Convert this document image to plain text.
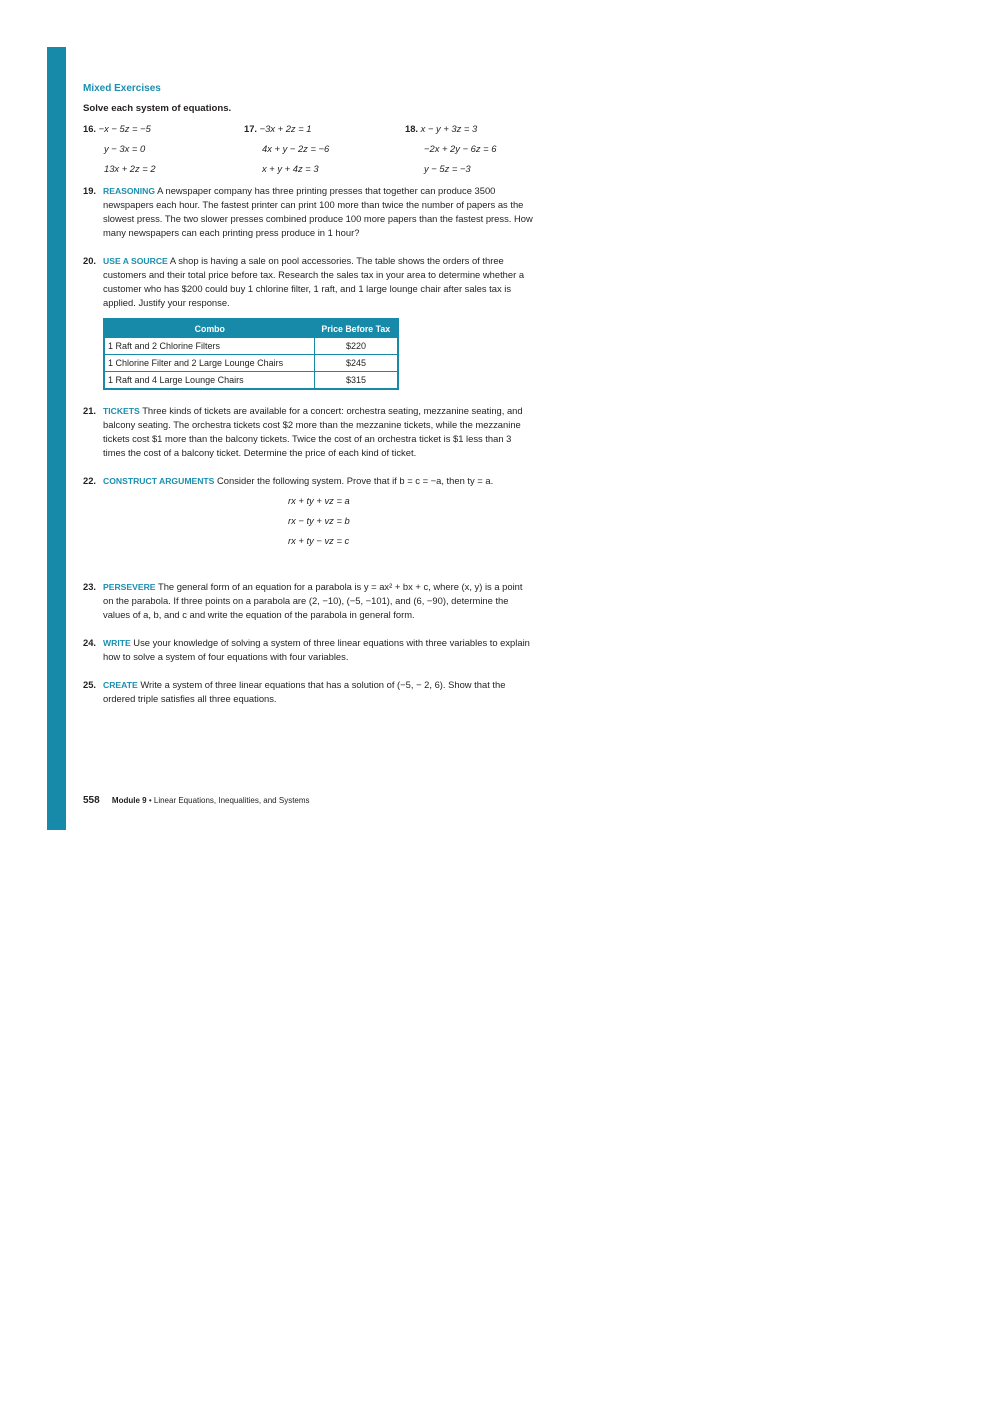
Mixed Exercises
Solve each system of equations.
16. −x − 5z = −5	17. −3x + 2z = 1	18. x − y + 3z = 3
y − 3x = 0	4x + y − 2z = −6	−2x + 2y − 6z = 6
13x + 2z = 2	x + y + 4z = 3	y − 5z = −3
19. REASONING A newspaper company has three printing presses that together can produce 3500 newspapers each hour. The fastest printer can print 100 more than twice the number of papers as the slowest press. The two slower presses combined produce 100 more papers than the fastest press. How many newspapers can each printing press produce in 1 hour?
20. USE A SOURCE A shop is having a sale on pool accessories. The table shows the orders of three customers and their total price before tax. Research the sales tax in your area to determine whether a customer who has $200 could buy 1 chlorine filter, 1 raft, and 1 large lounge chair after sales tax is applied. Justify your response.
Combo	Price Before Tax
1 Raft and 2 Chlorine Filters	$220
1 Chlorine Filter and 2 Large Lounge Chairs	$245
1 Raft and 4 Large Lounge Chairs	$315
21. TICKETS Three kinds of tickets are available for a concert: orchestra seating, mezzanine seating, and balcony seating. The orchestra tickets cost $2 more than the mezzanine tickets, while the mezzanine tickets cost $1 more than the balcony tickets. Twice the cost of an orchestra ticket is $1 less than 3 times the cost of a balcony ticket. Determine the price of each kind of ticket.
22. CONSTRUCT ARGUMENTS Consider the following system. Prove that if b = c = −a, then ty = a.
rx + ty + vz = a
rx − ty + vz = b
rx + ty − vz = c
23. PERSEVERE The general form of an equation for a parabola is y = ax² + bx + c, where (x, y) is a point on the parabola. If three points on a parabola are (2, −10), (−5, −101), and (6, −90), determine the values of a, b, and c and write the equation of the parabola in general form.
24. WRITE Use your knowledge of solving a system of three linear equations with three variables to explain how to solve a system of four equations with four variables.
25. CREATE Write a system of three linear equations that has a solution of (−5, − 2, 6). Show that the ordered triple satisfies all three equations.
558 Module 9 • Linear Equations, Inequalities, and Systems
